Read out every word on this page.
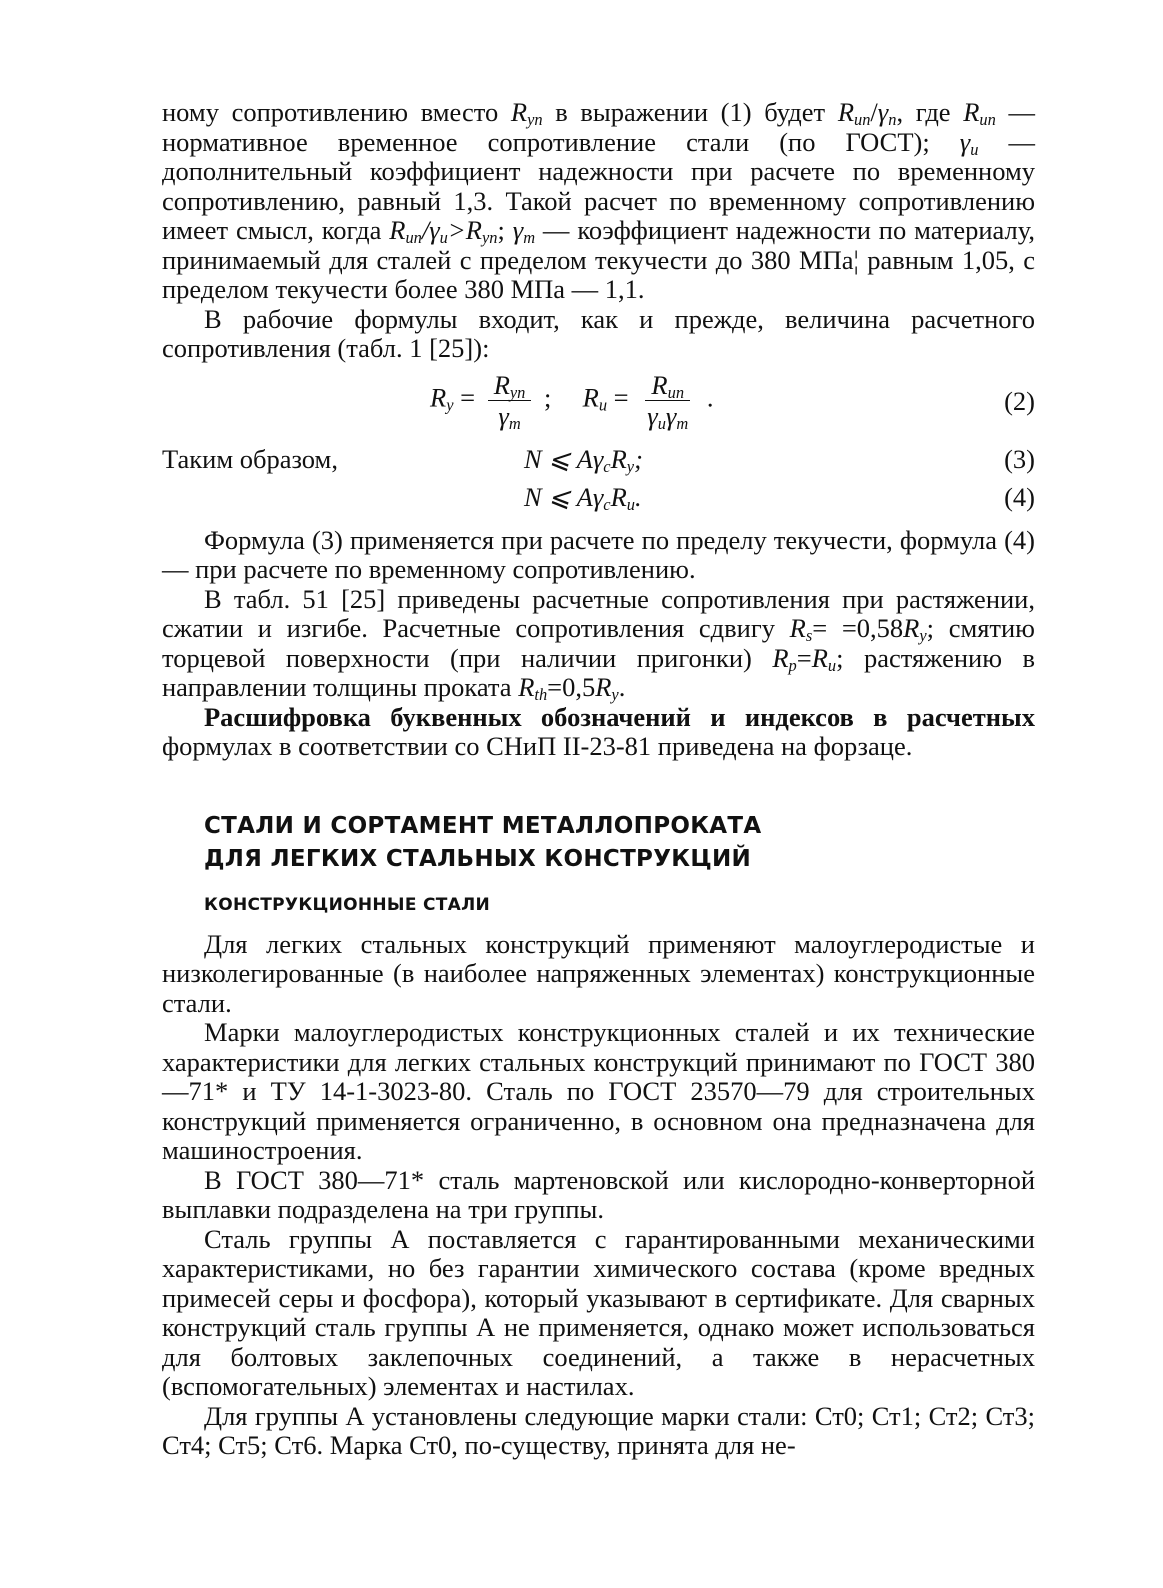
ному сопротивлению вместо $R_{yn}$ в выражении (1) будет $R_{un}/\gamma_n$, где $R_{un}$ — нормативное временное сопротивление стали (по ГОСТ); $\gamma_u$ — дополнительный коэффициент надежности при расчете по временному сопротивлению, равный 1,3. Такой расчет по временному сопротивлению имеет смысл, когда $R_{un}/\gamma_u>R_{yn}$; $\gamma_m$ — коэффициент надежности по материалу, принимаемый для сталей с пределом текучести до 380 МПа¦ равным 1,05, с пределом текучести более 380 МПа — 1,1.

В рабочие формулы входит, как и прежде, величина расчетного сопротивления (табл. 1 [25]):

$R_y = \frac{R_{yn}}{\gamma_m}$ ; $R_u = \frac{R_{un}}{\gamma_u\gamma_m}$ .	(2)
Таким образом,	N ⩽ $A\gamma_cR_y$;	(3)
N ⩽ $A\gamma_cR_u$.	(4)

Формула (3) применяется при расчете по пределу текучести, формула (4) — при расчете по временному сопротивлению.

В табл. 51 [25] приведены расчетные сопротивления при растяжении, сжатии и изгибе. Расчетные сопротивления сдвигу $R_s= =0,58R_y$; смятию торцевой поверхности (при наличии пригонки) $R_p=R_u$; растяжению в направлении толщины проката $R_{th}=0,5R_y$.

Расшифровка буквенных обозначений и индексов в расчетных формулах в соответствии со СНиП II-23-81 приведена на форзаце.

СТАЛИ И СОРТАМЕНТ МЕТАЛЛОПРОКАТА
ДЛЯ ЛЕГКИХ СТАЛЬНЫХ КОНСТРУКЦИЙ
КОНСТРУКЦИОННЫЕ СТАЛИ

Для легких стальных конструкций применяют малоуглеродистые и низколегированные (в наиболее напряженных элементах) конструкционные стали.

Марки малоуглеродистых конструкционных сталей и их технические характеристики для легких стальных конструкций принимают по ГОСТ 380—71* и ТУ 14-1-3023-80. Сталь по ГОСТ 23570—79 для строительных конструкций применяется ограниченно, в основном она предназначена для машиностроения.

В ГОСТ 380—71* сталь мартеновской или кислородно-конверторной выплавки подразделена на три группы.

Сталь группы А поставляется с гарантированными механическими характеристиками, но без гарантии химического состава (кроме вредных примесей серы и фосфора), который указывают в сертификате. Для сварных конструкций сталь группы А не применяется, однако может использоваться для болтовых заклепочных соединений, а также в нерасчетных (вспомогательных) элементах и настилах.

Для группы А установлены следующие марки стали: Ст0; Ст1; Ст2; Ст3; Ст4; Ст5; Ст6. Марка Ст0, по-существу, принята для не-
